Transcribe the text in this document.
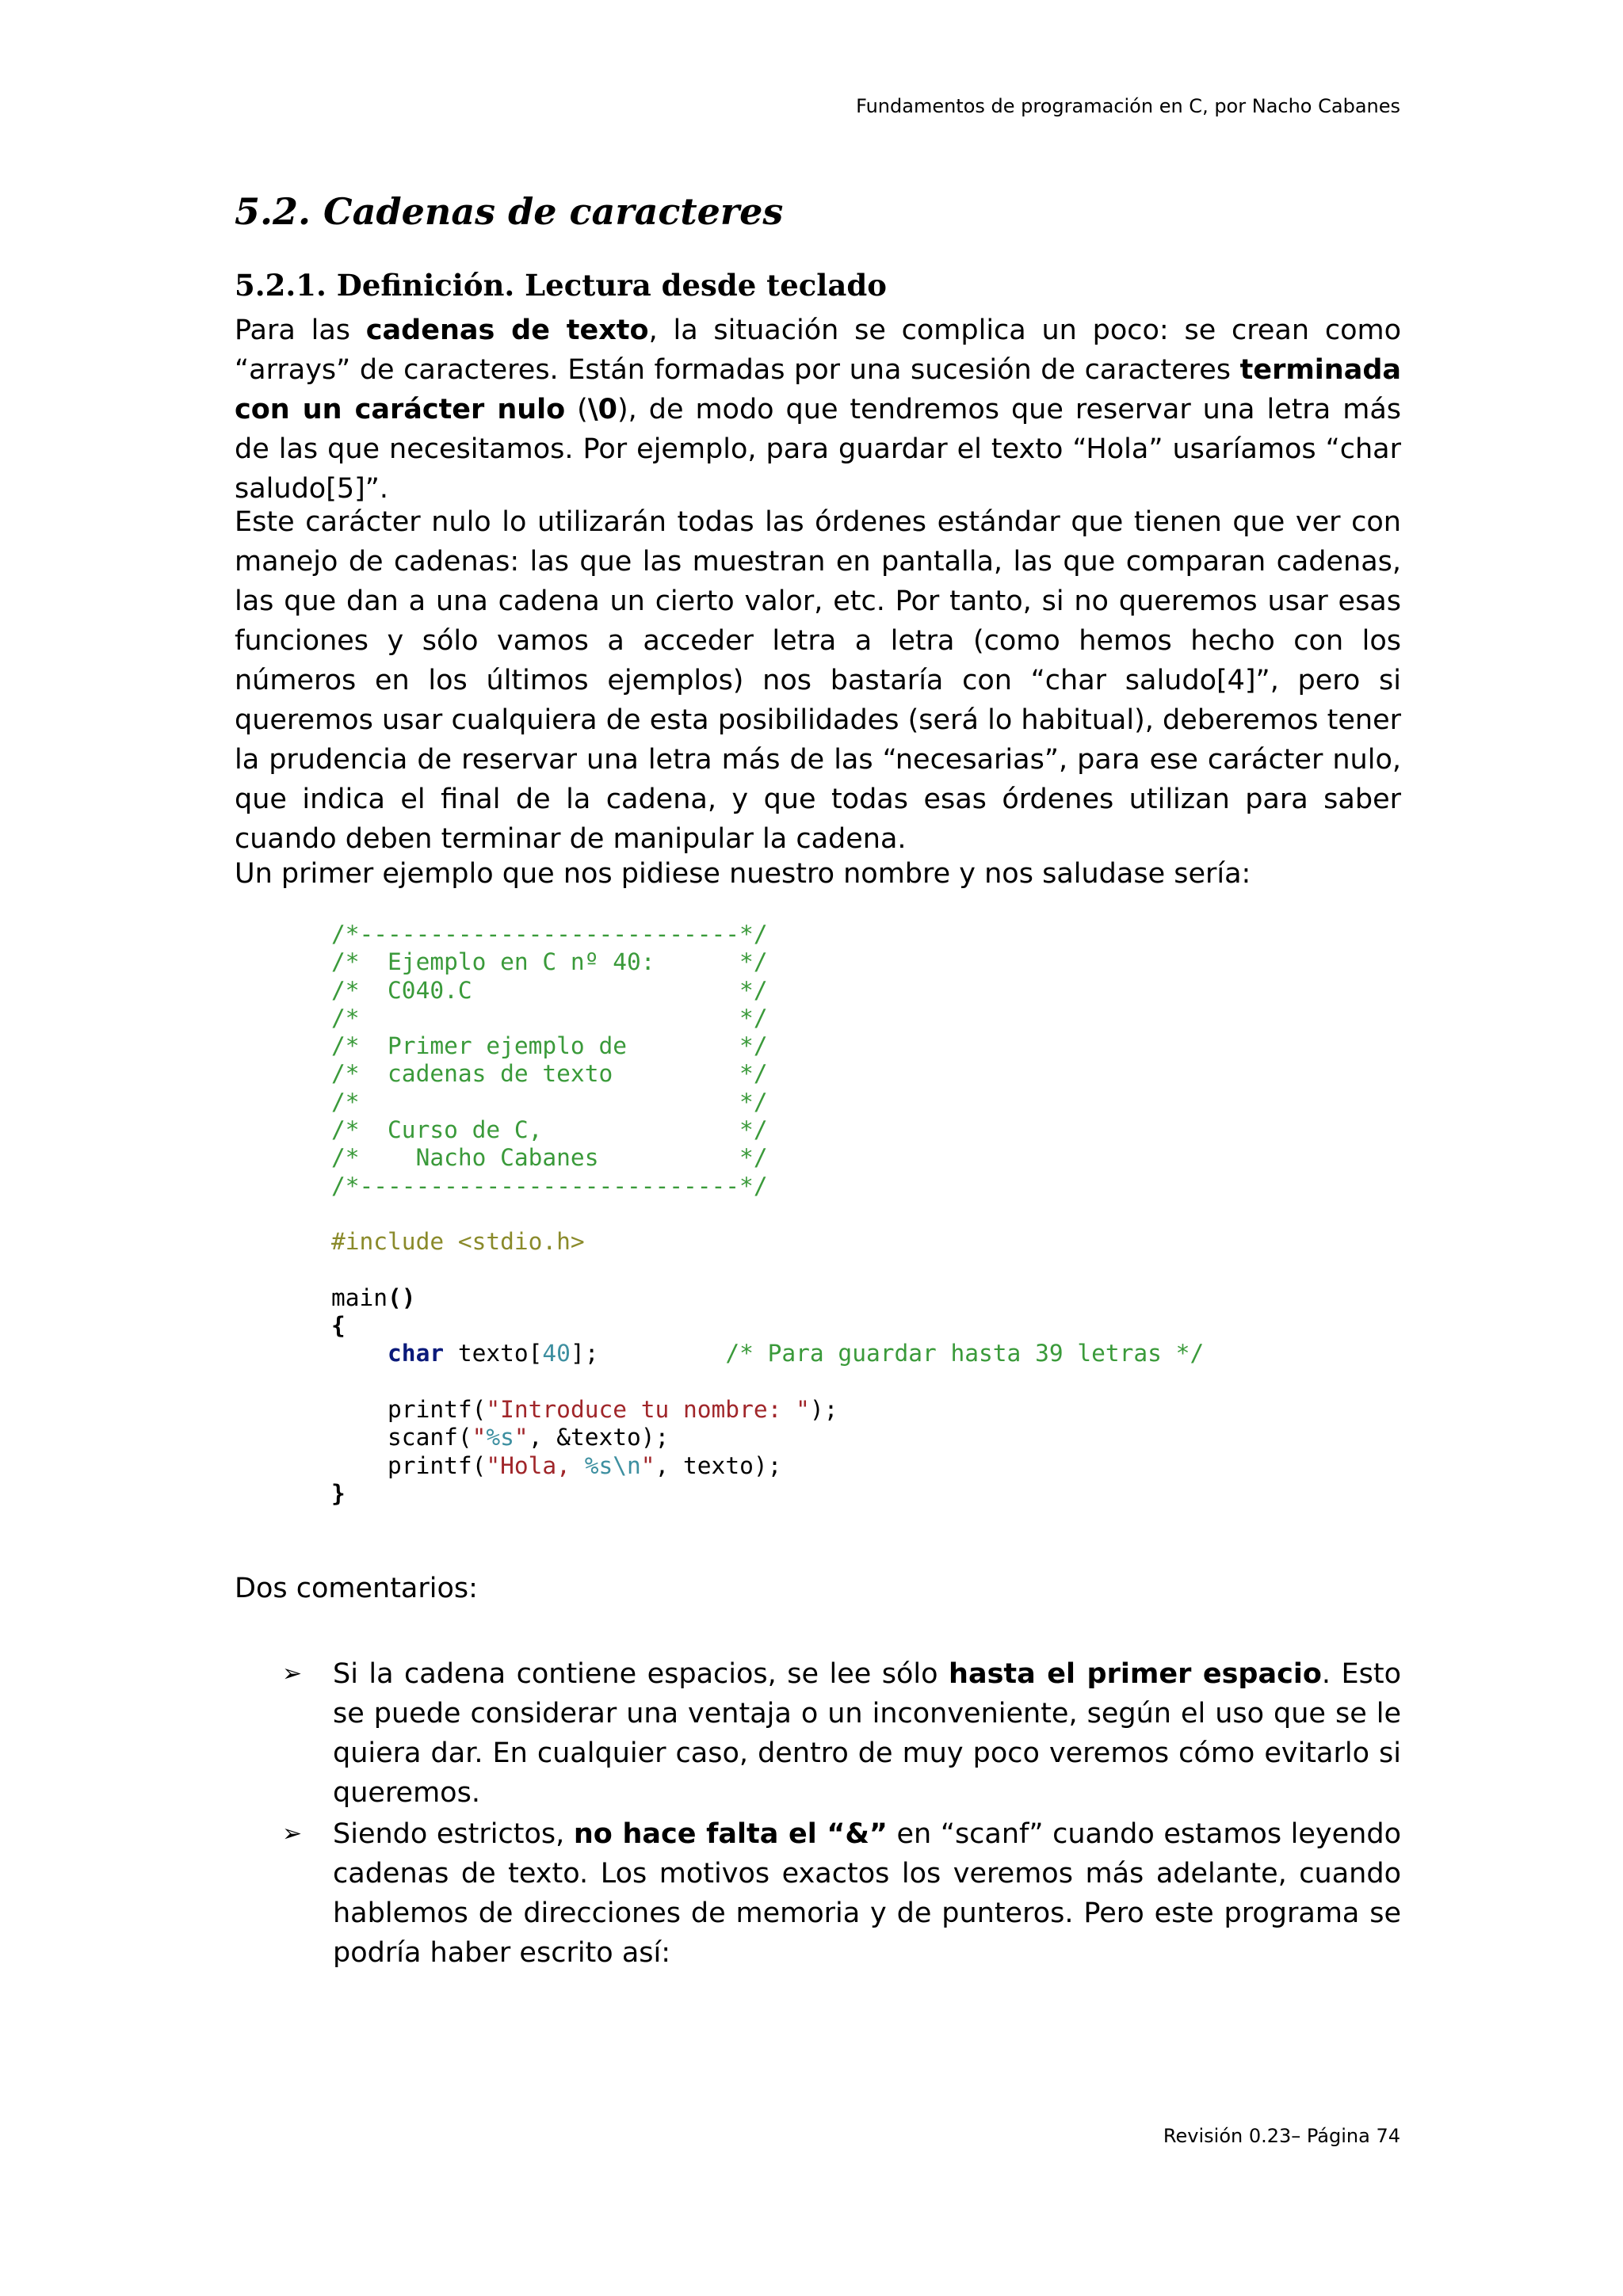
Fundamentos de programación en C, por Nacho Cabanes
5.2. Cadenas de caracteres
5.2.1. Definición. Lectura desde teclado

Para las cadenas de texto, la situación se complica un poco: se crean como “arrays” de caracteres. Están formadas por una sucesión de caracteres terminada con un carácter nulo (\0), de modo que tendremos que reservar una letra más de las que necesitamos. Por ejemplo, para guardar el texto “Hola” usaríamos “char saludo[5]”.

Este carácter nulo lo utilizarán todas las órdenes estándar que tienen que ver con manejo de cadenas: las que las muestran en pantalla, las que comparan cadenas, las que dan a una cadena un cierto valor, etc. Por tanto, si no queremos usar esas funciones y sólo vamos a acceder letra a letra (como hemos hecho con los números en los últimos ejemplos) nos bastaría con “char saludo[4]”, pero si queremos usar cualquiera de esta posibilidades (será lo habitual), deberemos tener la prudencia de reservar una letra más de las “necesarias”, para ese carácter nulo, que indica el final de la cadena, y que todas esas órdenes utilizan para saber cuando deben terminar de manipular la cadena.

Un primer ejemplo que nos pidiese nuestro nombre y nos saludase sería:

/*---------------------------*/
/*  Ejemplo en C nº 40:      */
/*  C040.C                   */
/*                           */
/*  Primer ejemplo de        */
/*  cadenas de texto         */
/*                           */
/*  Curso de C,              */
/*    Nacho Cabanes          */
/*---------------------------*/

#include <stdio.h>

main()
{
char texto[40];	/* Para guardar hasta 39 letras */

printf("Introduce tu nombre: ");
scanf("%s", &texto);
printf("Hola, %s\n", texto);
}

Dos comentarios:

➢ Si la cadena contiene espacios, se lee sólo hasta el primer espacio. Esto se puede considerar una ventaja o un inconveniente, según el uso que se le quiera dar. En cualquier caso, dentro de muy poco veremos cómo evitarlo si queremos.

➢ Siendo estrictos, no hace falta el “&” en “scanf” cuando estamos leyendo cadenas de texto. Los motivos exactos los veremos más adelante, cuando hablemos de direcciones de memoria y de punteros. Pero este programa se podría haber escrito así:

Revisión 0.23– Página 74
